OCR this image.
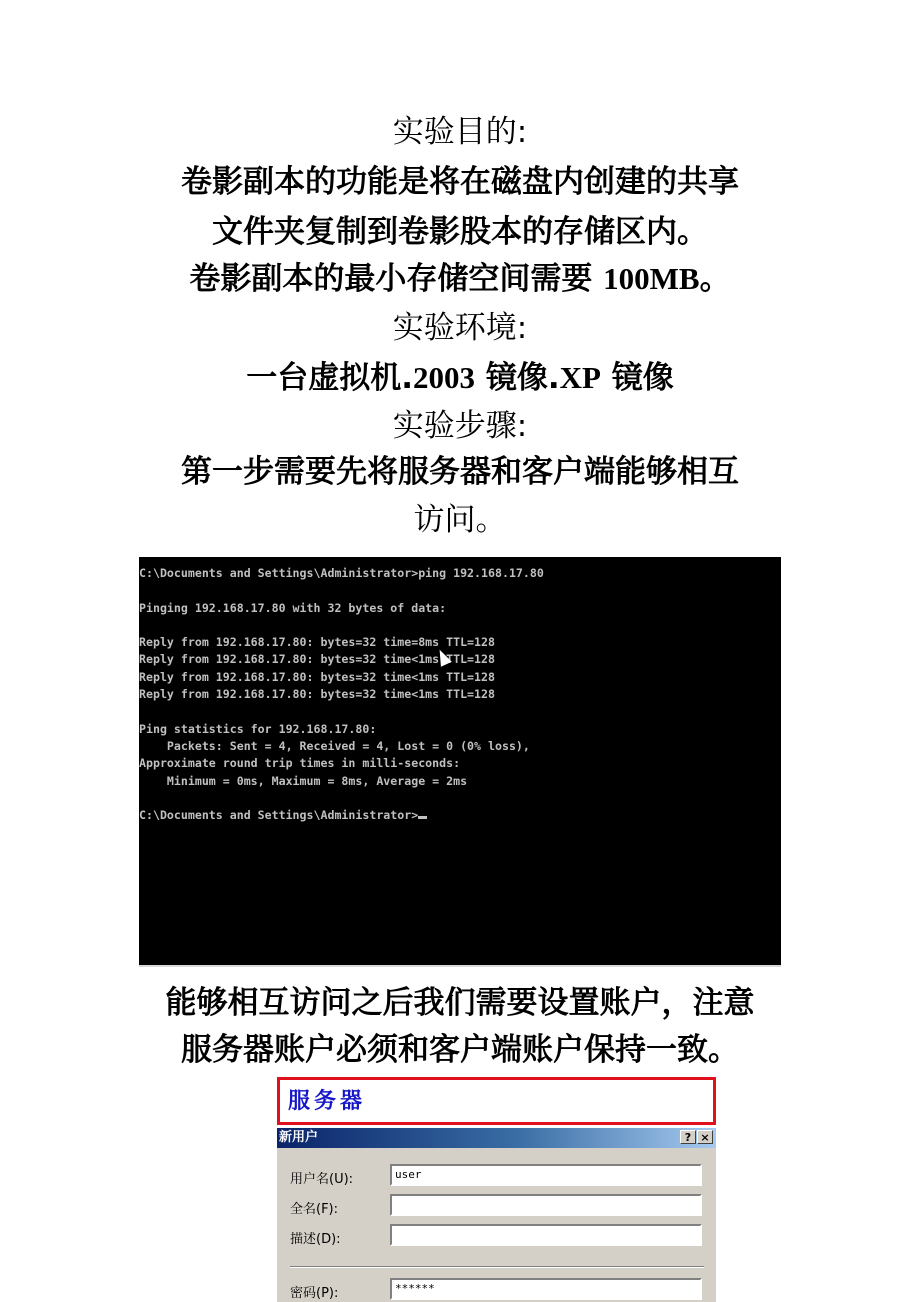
实验目的:
卷影副本的功能是将在磁盘内创建的共享
文件夹复制到卷影股本的存储区内。
卷影副本的最小存储空间需要 100MB。
实验环境:
一台虚拟机.2003 镜像.XP 镜像
实验步骤:
第一步需要先将服务器和客户端能够相互
访问。
C:\Documents and Settings\Administrator>ping 192.168.17.80

Pinging 192.168.17.80 with 32 bytes of data:

Reply from 192.168.17.80: bytes=32 time=8ms TTL=128
Reply from 192.168.17.80: bytes=32 time<1ms TTL=128
Reply from 192.168.17.80: bytes=32 time<1ms TTL=128
Reply from 192.168.17.80: bytes=32 time<1ms TTL=128

Ping statistics for 192.168.17.80:
Packets: Sent = 4, Received = 4, Lost = 0 (0% loss),
Approximate round trip times in milli-seconds:
Minimum = 0ms, Maximum = 8ms, Average = 2ms

C:\Documents and Settings\Administrator>
能够相互访问之后我们需要设置账户，注意
服务器账户必须和客户端账户保持一致。
服务器
新用户	? ×
用户名(U):	user
全名(F):
描述(D):
密码(P):	******
